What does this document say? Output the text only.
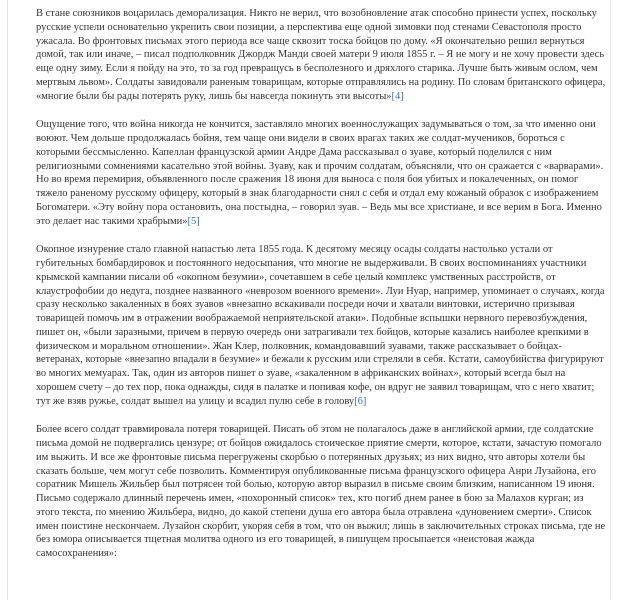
В стане союзников воцарилась деморализация. Никто не верил, что возобновление атак способно принести успех, поскольку русские успели основательно укрепить свои позиции, а перспектива еще одной зимовки под стенами Севастополя просто ужасала. Во фронтовых письмах этого периода все чаще сквозит тоска бойцов по дому. «Я окончательно решил вернуться домой, так или иначе, – писал подполковник Джордж Манди своей матери 9 июля 1855 г. – Я не могу и не хочу провести здесь еще одну зиму. Если я пойду на это, то за год превращусь в бесполезного и дряхлого старика. Лучше быть живым ослом, чем мертвым львом». Солдаты завидовали раненым товарищам, которые отправлялись на родину. По словам британского офицера, «многие были бы рады потерять руку, лишь бы навсегда покинуть эти высоты»[4]

Ощущение того, что война никогда не кончится, заставляло многих военнослужащих задумываться о том, за что именно они воюют. Чем дольше продолжалась бойня, тем чаще они видели в своих врагах таких же солдат-мучеников, бороться с которыми бессмысленно. Капеллан французской армии Андре Дама рассказывал о зуаве, который поделился с ним религиозными сомнениями касательно этой войны. Зуаву, как и прочим солдатам, объясняли, что он сражается с «варварами». Но во время перемирия, объявленного после сражения 18 июня для выноса с поля боя убитых и покалеченных, он помог тяжело раненому русскому офицеру, который в знак благодарности снял с себя и отдал ему кожаный образок с изображением Богоматери. «Эту войну пора остановить, она постыдна, – говорил зуав. – Ведь мы все христиане, и все верим в Бога. Именно это делает нас такими храбрыми»[5]

Окопное изнурение стало главной напастью лета 1855 года. К десятому месяцу осады солдаты настолько устали от губительных бомбардировок и постоянного недосыпания, что многие не выдерживали. В своих воспоминаниях участники крымской кампании писали об «окопном безумии», сочетавшем в себе целый комплекс умственных расстройств, от клаустрофобии до недуга, позднее названного «неврозом военного времени». Луи Нуар, например, упоминает о случаях, когда сразу несколько закаленных в боях зуавов «внезапно вскакивали посреди ночи и хватали винтовки, истерично призывая товарищей помочь им в отражении воображаемой неприятельской атаки». Подобные вспышки нервного перевозбуждения, пишет он, «были заразными, причем в первую очередь они затрагивали тех бойцов, которые казались наиболее крепкими в физическом и моральном отношении». Жан Клер, полковник, командовавший зуавами, также рассказывает о бойцах-ветеранах, которые «внезапно впадали в безумие» и бежали к русским или стреляли в себя. Кстати, самоубийства фигурируют во многих мемуарах. Так, один из авторов пишет о зуаве, «закаленном в африканских войнах», который всегда был на хорошем счету – до тех пор, пока однажды, сидя в палатке и попивая кофе, он вдруг не заявил товарищам, что с него хватит; тут же взяв ружье, солдат вышел на улицу и всадил пулю себе в голову[6]

Более всего солдат травмировала потеря товарищей. Писать об этом не полагалось даже в английской армии, где солдатские письма домой не подвергались цензуре; от бойцов ожидалось стоическое приятие смерти, которое, кстати, зачастую помогало им выжить. И все же фронтовые письма перегружены скорбью о потерянных друзьях; из них видно, что авторы хотели бы сказать больше, чем могут себе позволить. Комментируя опубликованные письма французского офицера Анри Лузайона, его соратник Мишель Жильбер был потрясен той болью, которую автор выразил в письме своим близким, написанном 19 июня. Письмо содержало длинный перечень имен, «похоронный список» тех, кто погиб днем ранее в бою за Малахов курган; из этого текста, по мнению Жильбера, видно, до какой степени душа его автора была отравлена «дуновением смерти». Список имен поистине нескончаем. Лузайон скорбит, укоряя себя в том, что он выжил; лишь в заключительных строках письма, где не без юмора описывается тщетная молитва одного из его товарищей, в пишущем просыпается «неистовая жажда самосохранения»:
